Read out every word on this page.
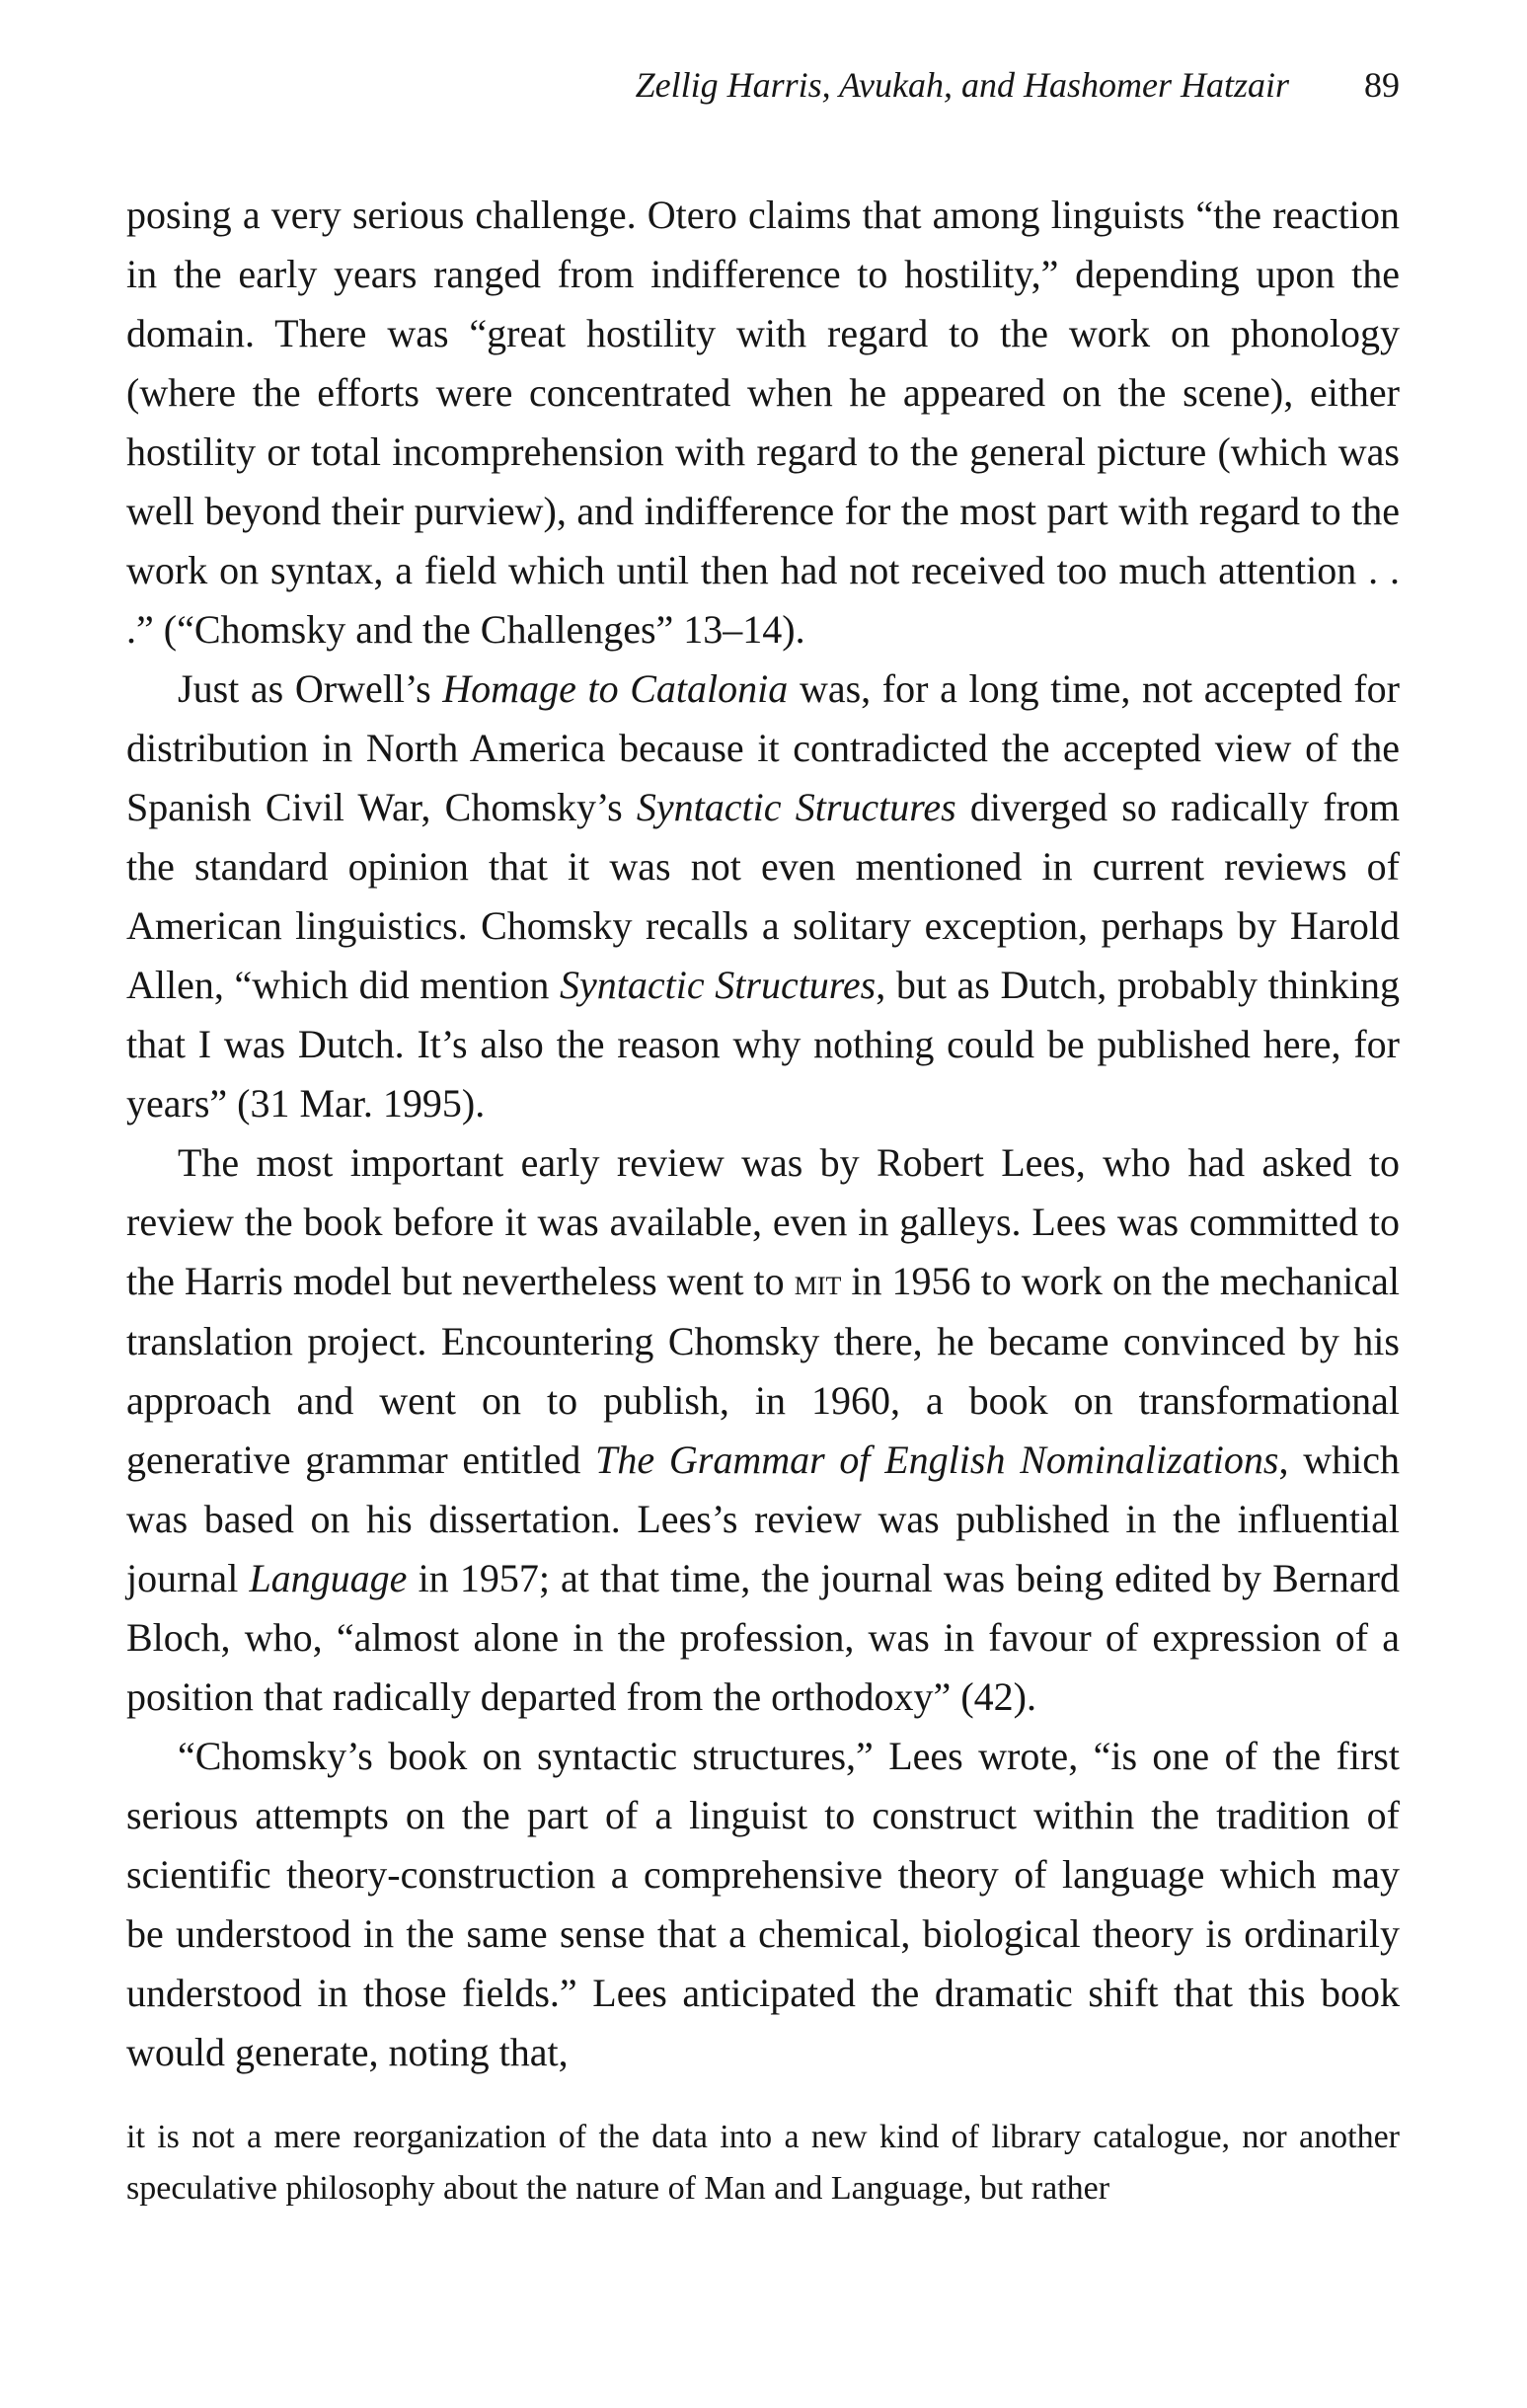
Zellig Harris, Avukah, and Hashomer Hatzair 89

posing a very serious challenge. Otero claims that among linguists “the reaction in the early years ranged from indifference to hostility,” depending upon the domain. There was “great hostility with regard to the work on phonology (where the efforts were concentrated when he appeared on the scene), either hostility or total incomprehension with regard to the general picture (which was well beyond their purview), and indifference for the most part with regard to the work on syntax, a field which until then had not received too much attention . . .” (“Chomsky and the Challenges” 13–14).

Just as Orwell’s Homage to Catalonia was, for a long time, not accepted for distribution in North America because it contradicted the accepted view of the Spanish Civil War, Chomsky’s Syntactic Structures diverged so radically from the standard opinion that it was not even mentioned in current reviews of American linguistics. Chomsky recalls a solitary exception, perhaps by Harold Allen, “which did mention Syntactic Structures, but as Dutch, probably thinking that I was Dutch. It’s also the reason why nothing could be published here, for years” (31 Mar. 1995).

The most important early review was by Robert Lees, who had asked to review the book before it was available, even in galleys. Lees was committed to the Harris model but nevertheless went to mit in 1956 to work on the mechanical translation project. Encountering Chomsky there, he became convinced by his approach and went on to publish, in 1960, a book on transformational generative grammar entitled The Grammar of English Nominalizations, which was based on his dissertation. Lees’s review was published in the influential journal Language in 1957; at that time, the journal was being edited by Bernard Bloch, who, “almost alone in the profession, was in favour of expression of a position that radically departed from the orthodoxy” (42).

“Chomsky’s book on syntactic structures,” Lees wrote, “is one of the first serious attempts on the part of a linguist to construct within the tradition of scientific theory-construction a comprehensive theory of language which may be understood in the same sense that a chemical, biological theory is ordinarily understood in those fields.” Lees anticipated the dramatic shift that this book would generate, noting that,

it is not a mere reorganization of the data into a new kind of library catalogue, nor another speculative philosophy about the nature of Man and Language, but rather
